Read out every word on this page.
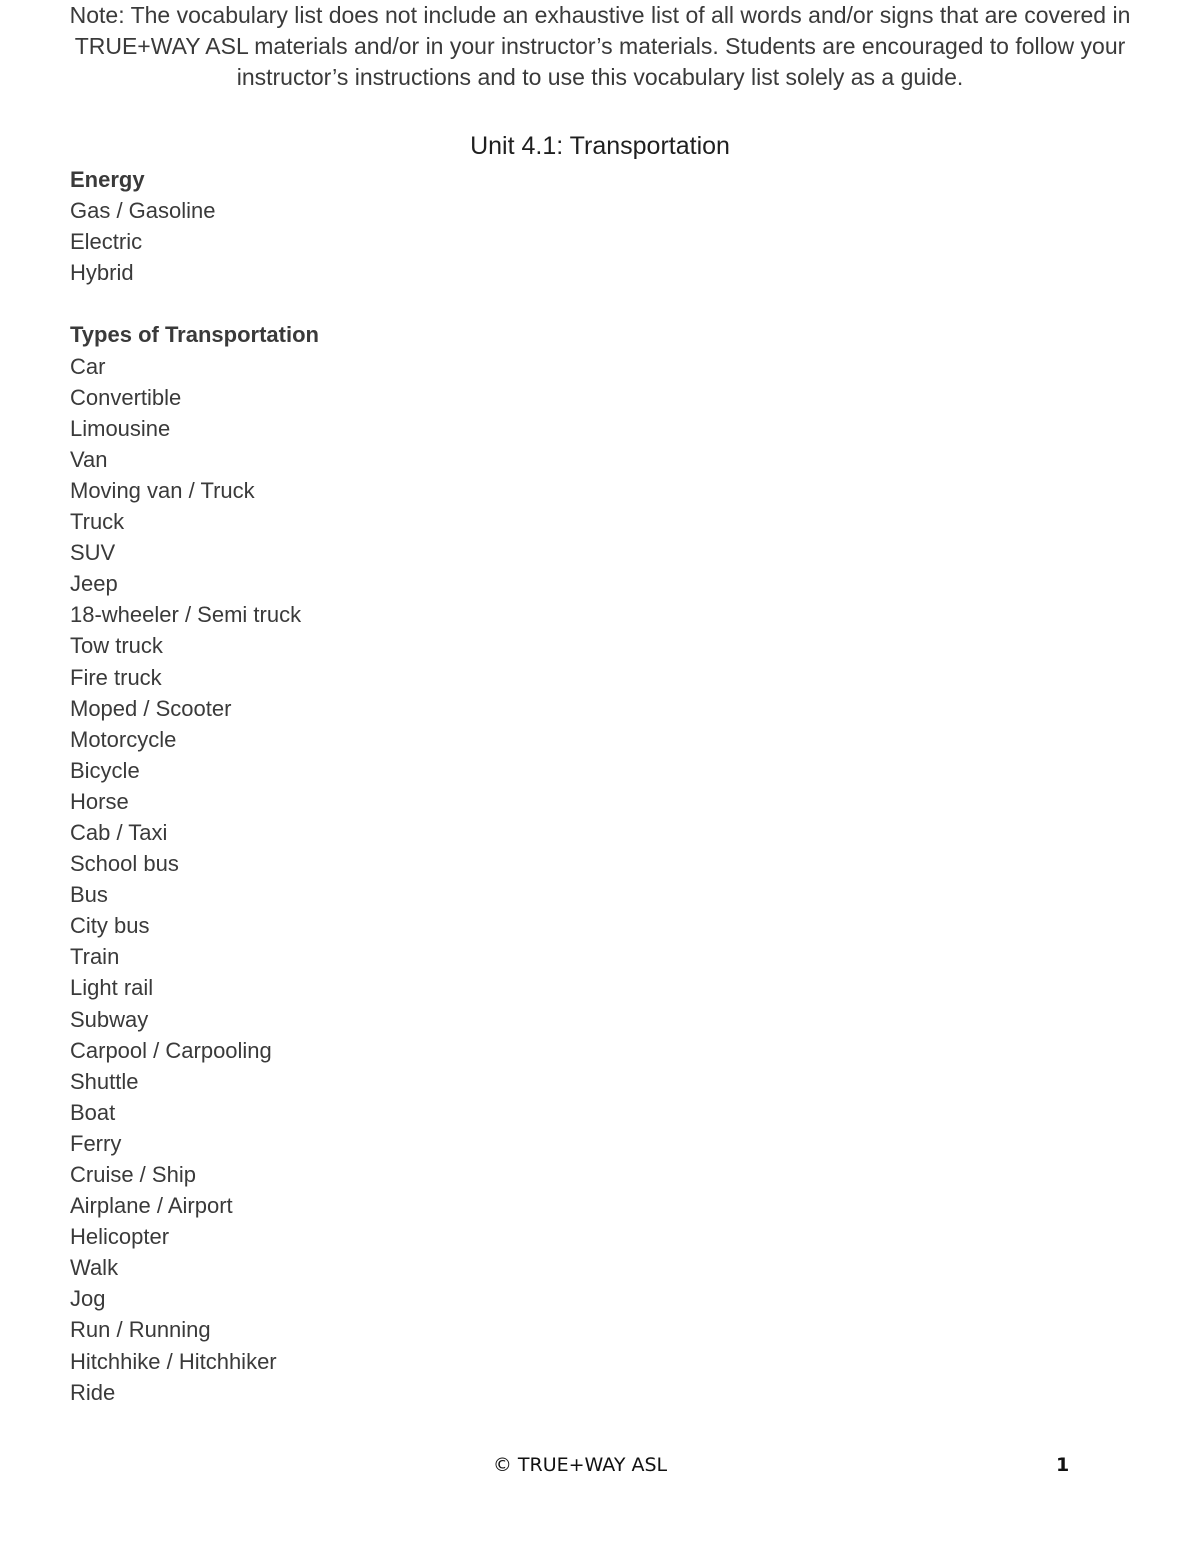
Note: The vocabulary list does not include an exhaustive list of all words and/or signs that are covered in TRUE+WAY ASL materials and/or in your instructor’s materials. Students are encouraged to follow your instructor’s instructions and to use this vocabulary list solely as a guide.
Unit 4.1: Transportation
Energy
Gas / Gasoline
Electric
Hybrid
Types of Transportation
Car
Convertible
Limousine
Van
Moving van / Truck
Truck
SUV
Jeep
18-wheeler / Semi truck
Tow truck
Fire truck
Moped / Scooter
Motorcycle
Bicycle
Horse
Cab / Taxi
School bus
Bus
City bus
Train
Light rail
Subway
Carpool / Carpooling
Shuttle
Boat
Ferry
Cruise / Ship
Airplane / Airport
Helicopter
Walk
Jog
Run / Running
Hitchhike / Hitchhiker
Ride
© TRUE+WAY ASL	1
